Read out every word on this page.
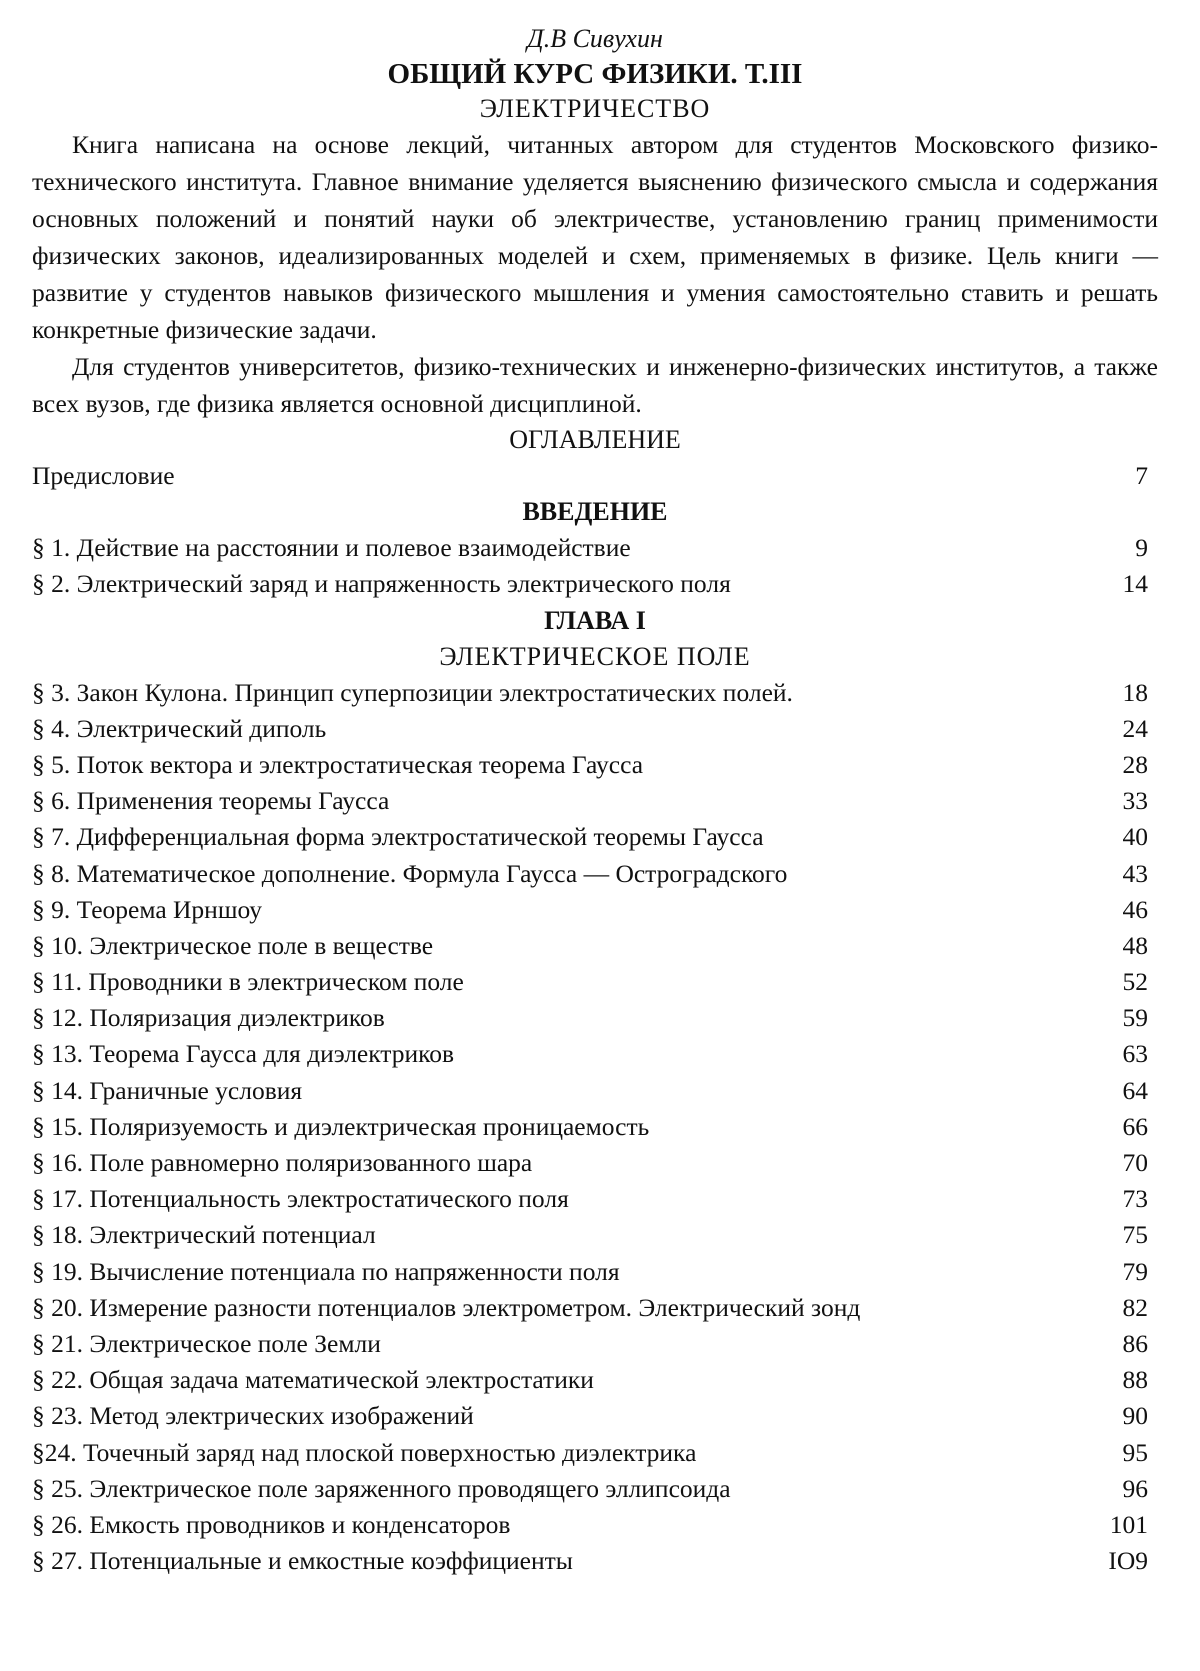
Д.В Сивухин
ОБЩИЙ КУРС ФИЗИКИ. Т.III
ЭЛЕКТРИЧЕСТВО

Книга написана на основе лекций, читанных автором для студентов Московского физико-технического института. Главное внимание уделяется выяснению физического смысла и содержания основных положений и понятий науки об электричестве, установлению границ применимости физических законов, идеализированных моделей и схем, применяемых в физике. Цель книги — развитие у студентов навыков физического мышления и умения самостоятельно ставить и решать конкретные физические задачи.

Для студентов университетов, физико-технических и инженерно-физических институтов, а также всех вузов, где физика является основной дисциплиной.

ОГЛАВЛЕНИЕ
Предисловие	7
ВВЕДЕНИЕ
§ 1. Действие на расстоянии и полевое взаимодействие	9
§ 2. Электрический заряд и напряженность электрического поля	14
ГЛАВА I
ЭЛЕКТРИЧЕСКОЕ ПОЛЕ
§ 3. Закон Кулона. Принцип суперпозиции электростатических полей.	18
§ 4. Электрический диполь	24
§ 5. Поток вектора и электростатическая теорема Гаусса	28
§ 6. Применения теоремы Гаусса	33
§ 7. Дифференциальная форма электростатической теоремы Гаусса	40
§ 8. Математическое дополнение. Формула Гаусса — Остроградского	43
§ 9. Теорема Ирншоу	46
§ 10. Электрическое поле в веществе	48
§ 11. Проводники в электрическом поле	52
§ 12. Поляризация диэлектриков	59
§ 13. Теорема Гаусса для диэлектриков	63
§ 14. Граничные условия	64
§ 15. Поляризуемость и диэлектрическая проницаемость	66
§ 16. Поле равномерно поляризованного шара	70
§ 17. Потенциальность электростатического поля	73
§ 18. Электрический потенциал	75
§ 19. Вычисление потенциала по напряженности поля	79
§ 20. Измерение разности потенциалов электрометром. Электрический зонд	82
§ 21. Электрическое поле Земли	86
§ 22. Общая задача математической электростатики	88
§ 23. Метод электрических изображений	90
§24. Точечный заряд над плоской поверхностью диэлектрика	95
§ 25. Электрическое поле заряженного проводящего эллипсоида	96
§ 26. Емкость проводников и конденсаторов	101
§ 27. Потенциальные и емкостные коэффициенты	IO9
